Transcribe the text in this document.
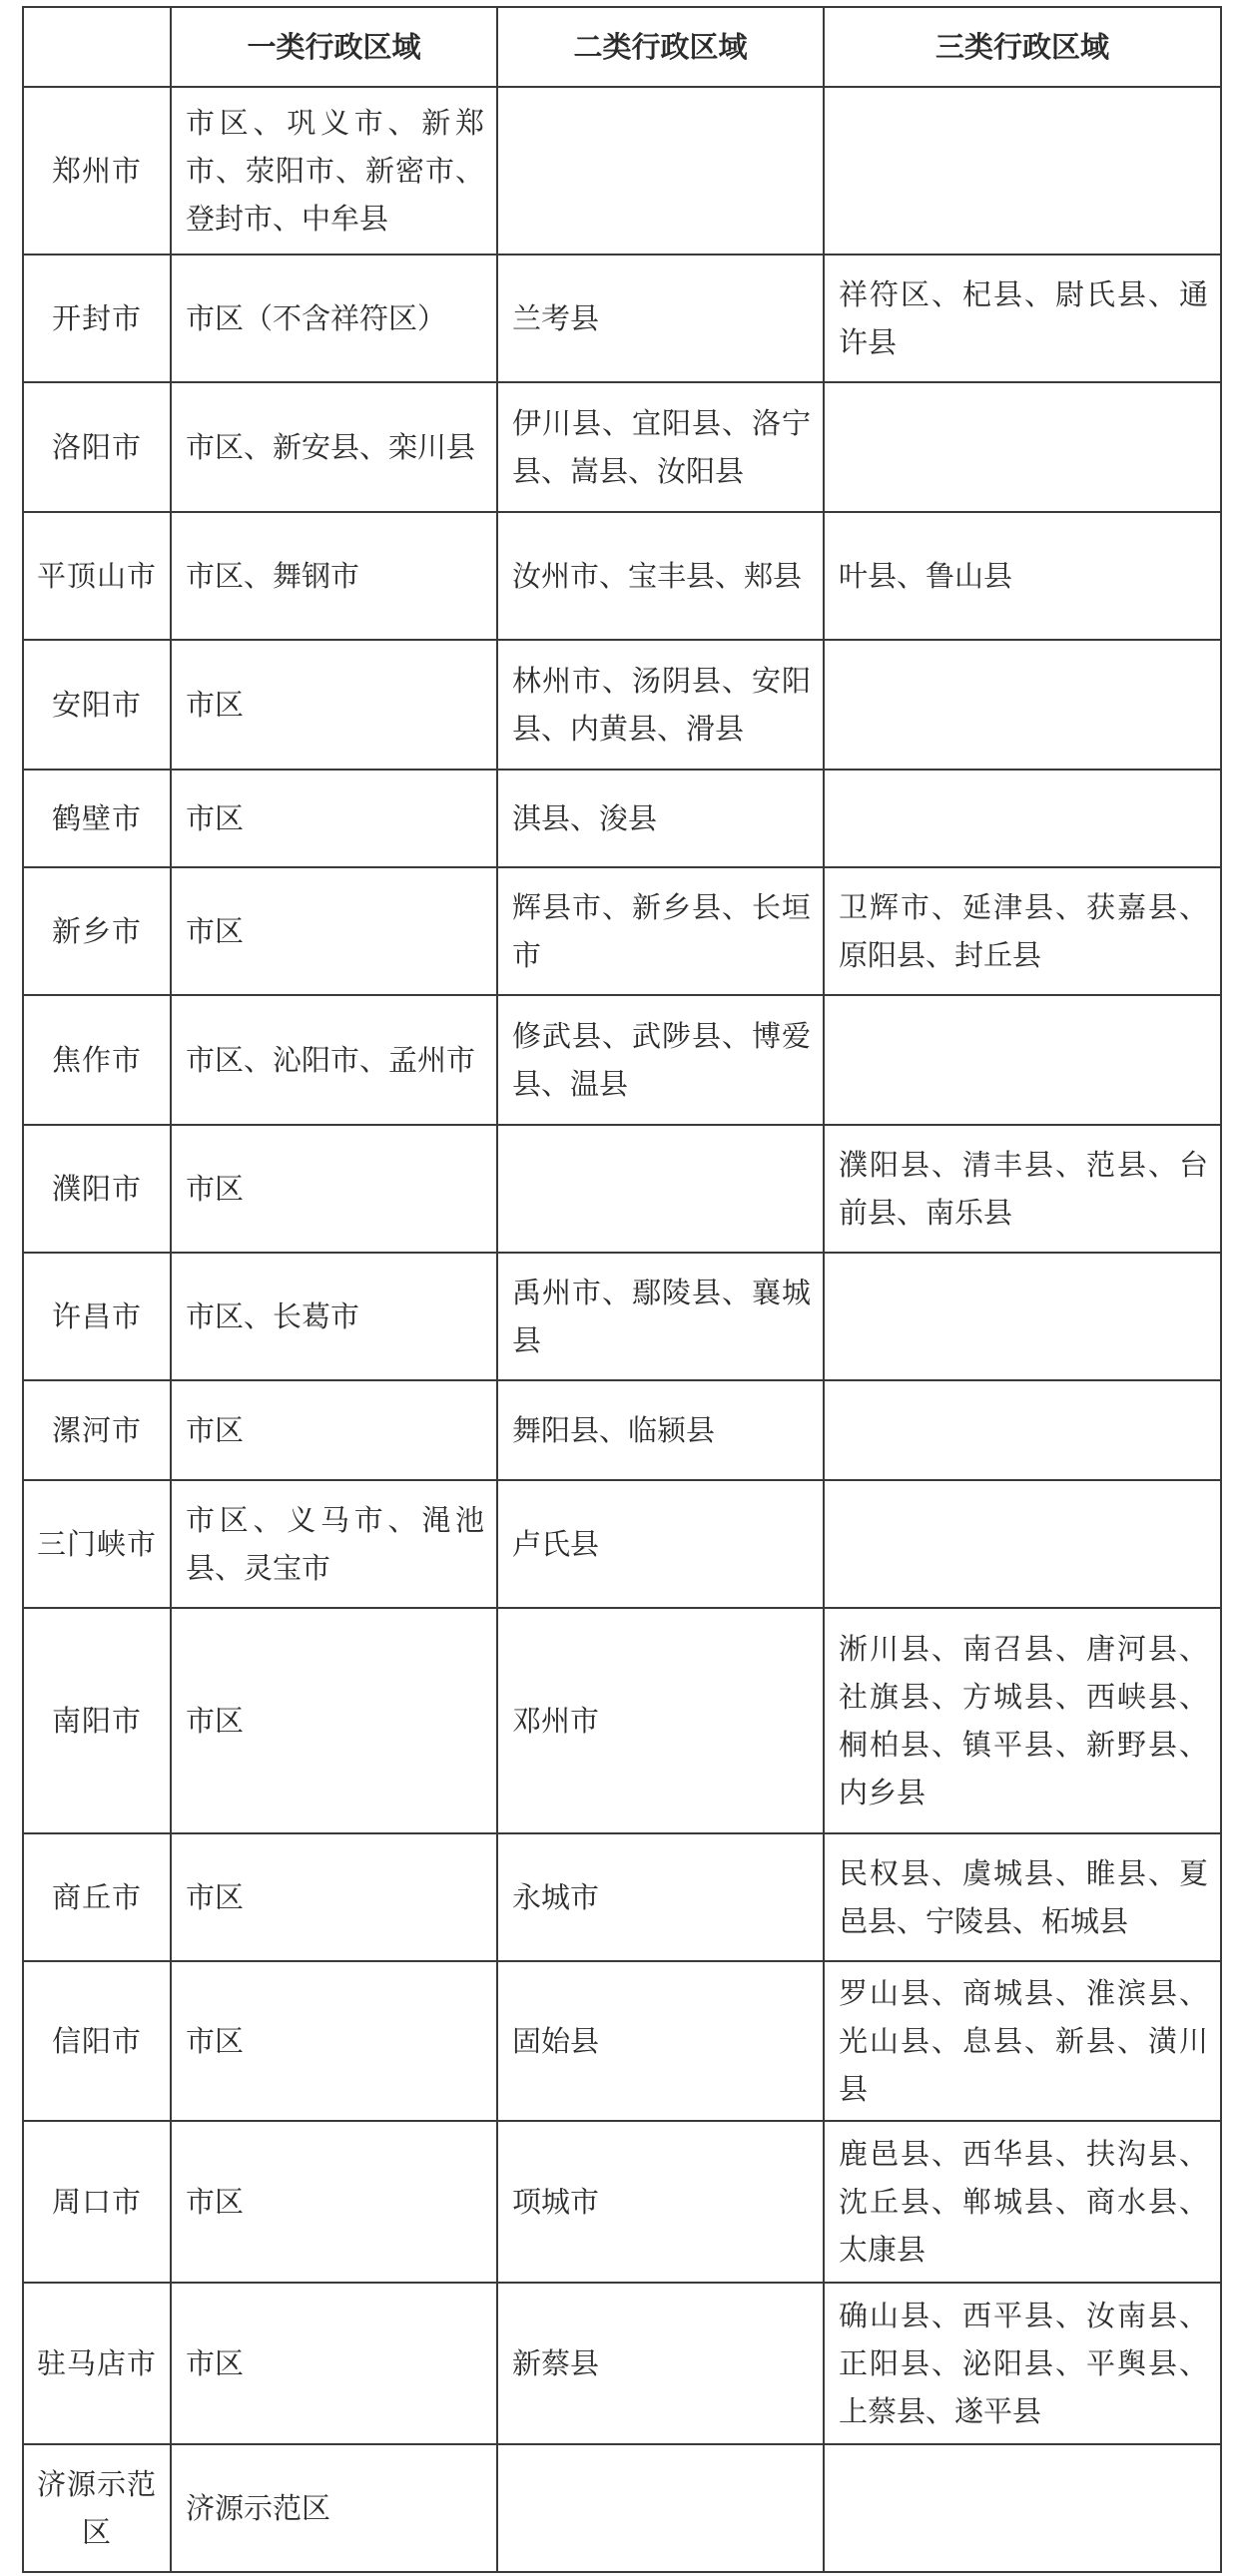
	一类行政区域	二类行政区域	三类行政区域
郑州市	市区、巩义市、新郑市、荥阳市、新密市、登封市、中牟县		
开封市	市区（不含祥符区）	兰考县	祥符区、杞县、尉氏县、通许县
洛阳市	市区、新安县、栾川县	伊川县、宜阳县、洛宁县、嵩县、汝阳县	
平顶山市	市区、舞钢市	汝州市、宝丰县、郏县	叶县、鲁山县
安阳市	市区	林州市、汤阴县、安阳县、内黄县、滑县	
鹤壁市	市区	淇县、浚县	
新乡市	市区	辉县市、新乡县、长垣市	卫辉市、延津县、获嘉县、原阳县、封丘县
焦作市	市区、沁阳市、孟州市	修武县、武陟县、博爱县、温县	
濮阳市	市区		濮阳县、清丰县、范县、台前县、南乐县
许昌市	市区、长葛市	禹州市、鄢陵县、襄城县	
漯河市	市区	舞阳县、临颍县	
三门峡市	市区、义马市、渑池县、灵宝市	卢氏县	
南阳市	市区	邓州市	淅川县、南召县、唐河县、社旗县、方城县、西峡县、桐柏县、镇平县、新野县、内乡县
商丘市	市区	永城市	民权县、虞城县、睢县、夏邑县、宁陵县、柘城县
信阳市	市区	固始县	罗山县、商城县、淮滨县、光山县、息县、新县、潢川县
周口市	市区	项城市	鹿邑县、西华县、扶沟县、沈丘县、郸城县、商水县、太康县
驻马店市	市区	新蔡县	确山县、西平县、汝南县、正阳县、泌阳县、平舆县、上蔡县、遂平县
济源示范区	济源示范区		
